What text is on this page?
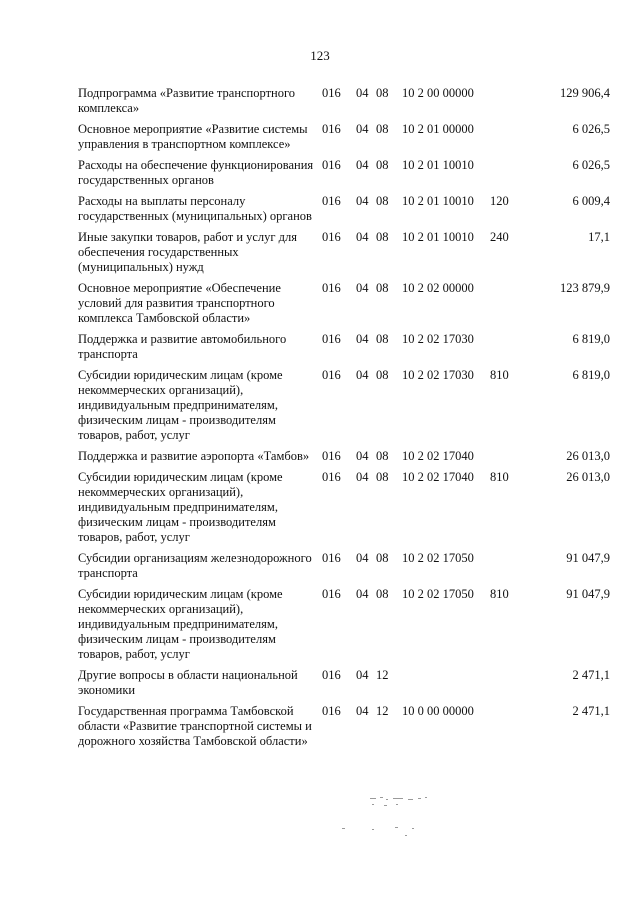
123
Подпрограмма «Развитие транспортного комплекса»	016	04	08	10 2 00 00000		129 906,4
Основное мероприятие «Развитие системы управления в транспортном комплексе»	016	04	08	10 2 01 00000		6 026,5
Расходы на обеспечение функционирования государственных органов	016	04	08	10 2 01 10010		6 026,5
Расходы на выплаты персоналу государственных (муниципальных) органов	016	04	08	10 2 01 10010	120	6 009,4
Иные закупки товаров, работ и услуг для обеспечения государственных (муниципальных) нужд	016	04	08	10 2 01 10010	240	17,1
Основное мероприятие «Обеспечение условий для развития транспортного комплекса Тамбовской области»	016	04	08	10 2 02 00000		123 879,9
Поддержка и развитие автомобильного транспорта	016	04	08	10 2 02 17030		6 819,0
Субсидии юридическим лицам (кроме некоммерческих организаций), индивидуальным предпринимателям, физическим лицам - производителям товаров, работ, услуг	016	04	08	10 2 02 17030	810	6 819,0
Поддержка и развитие аэропорта «Тамбов»	016	04	08	10 2 02 17040		26 013,0
Субсидии юридическим лицам (кроме некоммерческих организаций), индивидуальным предпринимателям, физическим лицам - производителям товаров, работ, услуг	016	04	08	10 2 02 17040	810	26 013,0
Субсидии организациям железнодорожного транспорта	016	04	08	10 2 02 17050		91 047,9
Субсидии юридическим лицам (кроме некоммерческих организаций), индивидуальным предпринимателям, физическим лицам - производителям товаров, работ, услуг	016	04	08	10 2 02 17050	810	91 047,9
Другие вопросы в области национальной экономики	016	04	12			2 471,1
Государственная программа Тамбовской области «Развитие транспортной системы и дорожного хозяйства Тамбовской области»	016	04	12	10 0 00 00000		2 471,1
